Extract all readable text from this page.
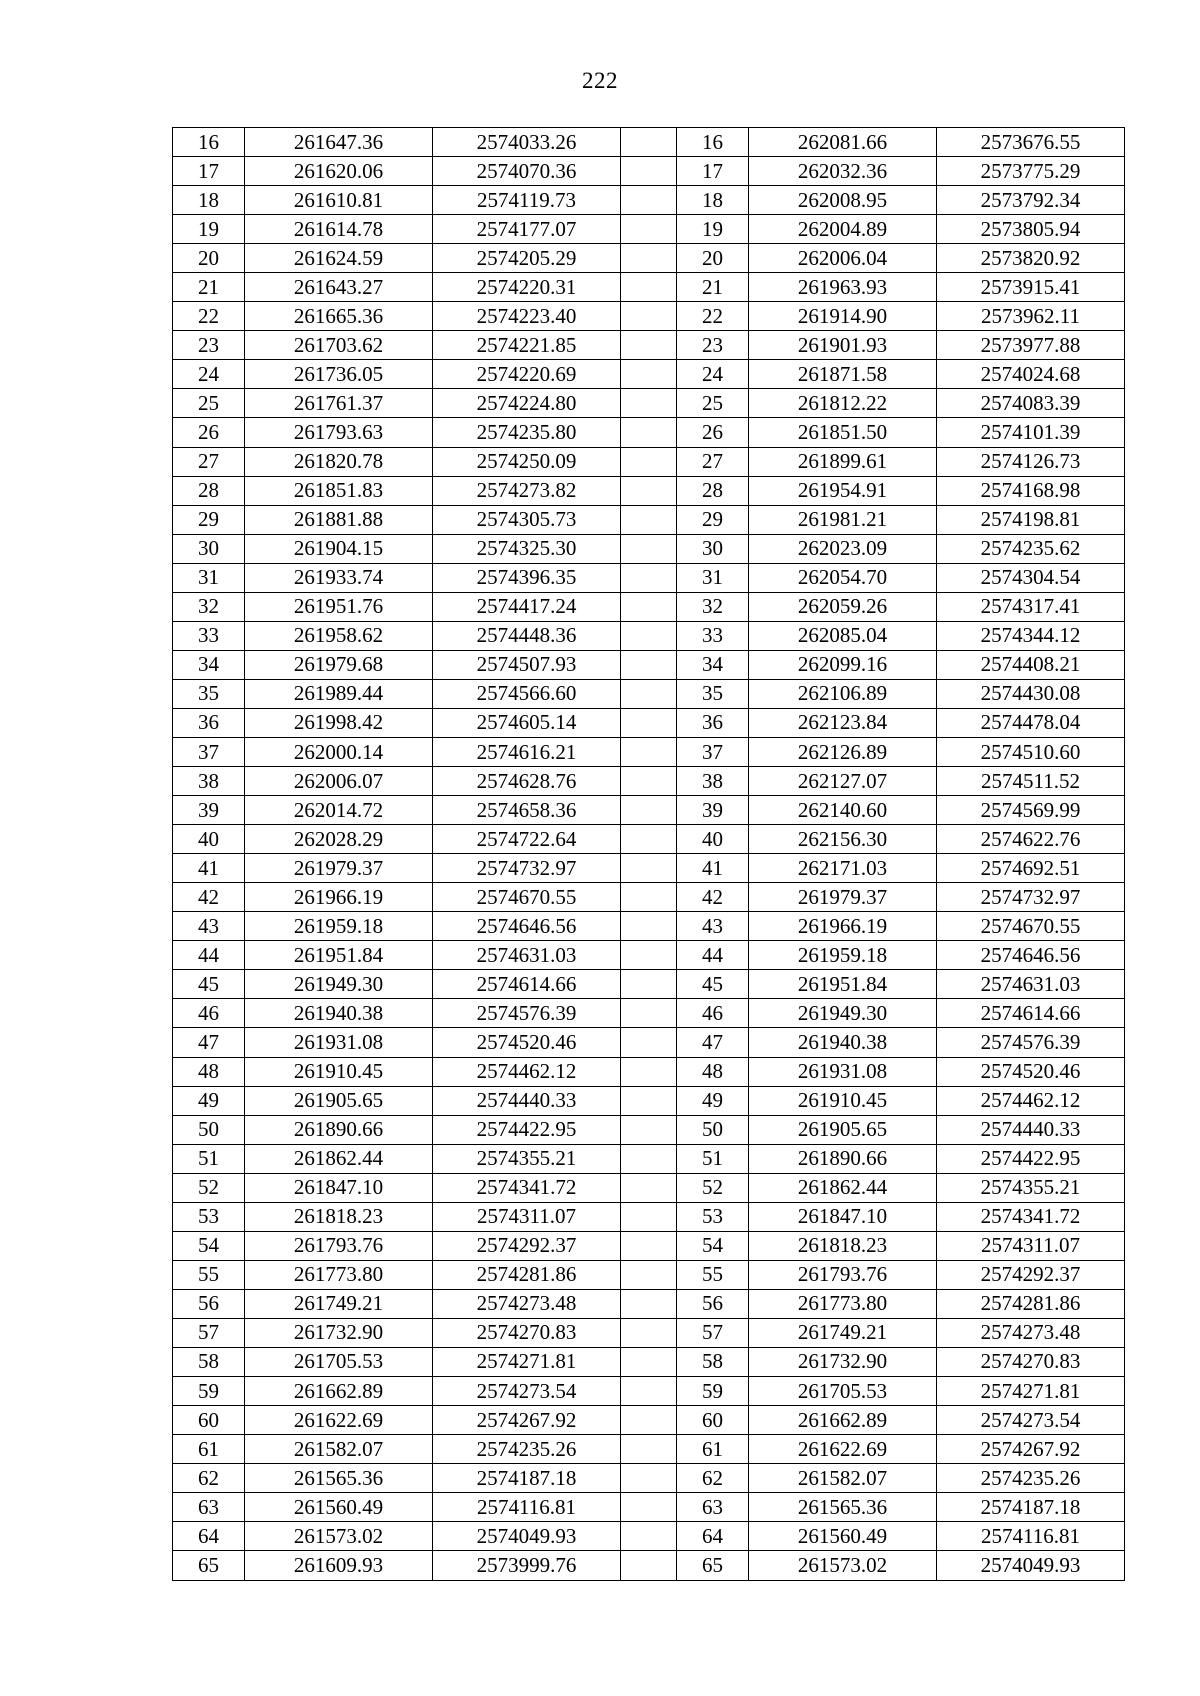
222
16	261647.36	2574033.26		16	262081.66	2573676.55
17	261620.06	2574070.36		17	262032.36	2573775.29
18	261610.81	2574119.73		18	262008.95	2573792.34
19	261614.78	2574177.07		19	262004.89	2573805.94
20	261624.59	2574205.29		20	262006.04	2573820.92
21	261643.27	2574220.31		21	261963.93	2573915.41
22	261665.36	2574223.40		22	261914.90	2573962.11
23	261703.62	2574221.85		23	261901.93	2573977.88
24	261736.05	2574220.69		24	261871.58	2574024.68
25	261761.37	2574224.80		25	261812.22	2574083.39
26	261793.63	2574235.80		26	261851.50	2574101.39
27	261820.78	2574250.09		27	261899.61	2574126.73
28	261851.83	2574273.82		28	261954.91	2574168.98
29	261881.88	2574305.73		29	261981.21	2574198.81
30	261904.15	2574325.30		30	262023.09	2574235.62
31	261933.74	2574396.35		31	262054.70	2574304.54
32	261951.76	2574417.24		32	262059.26	2574317.41
33	261958.62	2574448.36		33	262085.04	2574344.12
34	261979.68	2574507.93		34	262099.16	2574408.21
35	261989.44	2574566.60		35	262106.89	2574430.08
36	261998.42	2574605.14		36	262123.84	2574478.04
37	262000.14	2574616.21		37	262126.89	2574510.60
38	262006.07	2574628.76		38	262127.07	2574511.52
39	262014.72	2574658.36		39	262140.60	2574569.99
40	262028.29	2574722.64		40	262156.30	2574622.76
41	261979.37	2574732.97		41	262171.03	2574692.51
42	261966.19	2574670.55		42	261979.37	2574732.97
43	261959.18	2574646.56		43	261966.19	2574670.55
44	261951.84	2574631.03		44	261959.18	2574646.56
45	261949.30	2574614.66		45	261951.84	2574631.03
46	261940.38	2574576.39		46	261949.30	2574614.66
47	261931.08	2574520.46		47	261940.38	2574576.39
48	261910.45	2574462.12		48	261931.08	2574520.46
49	261905.65	2574440.33		49	261910.45	2574462.12
50	261890.66	2574422.95		50	261905.65	2574440.33
51	261862.44	2574355.21		51	261890.66	2574422.95
52	261847.10	2574341.72		52	261862.44	2574355.21
53	261818.23	2574311.07		53	261847.10	2574341.72
54	261793.76	2574292.37		54	261818.23	2574311.07
55	261773.80	2574281.86		55	261793.76	2574292.37
56	261749.21	2574273.48		56	261773.80	2574281.86
57	261732.90	2574270.83		57	261749.21	2574273.48
58	261705.53	2574271.81		58	261732.90	2574270.83
59	261662.89	2574273.54		59	261705.53	2574271.81
60	261622.69	2574267.92		60	261662.89	2574273.54
61	261582.07	2574235.26		61	261622.69	2574267.92
62	261565.36	2574187.18		62	261582.07	2574235.26
63	261560.49	2574116.81		63	261565.36	2574187.18
64	261573.02	2574049.93		64	261560.49	2574116.81
65	261609.93	2573999.76		65	261573.02	2574049.93
